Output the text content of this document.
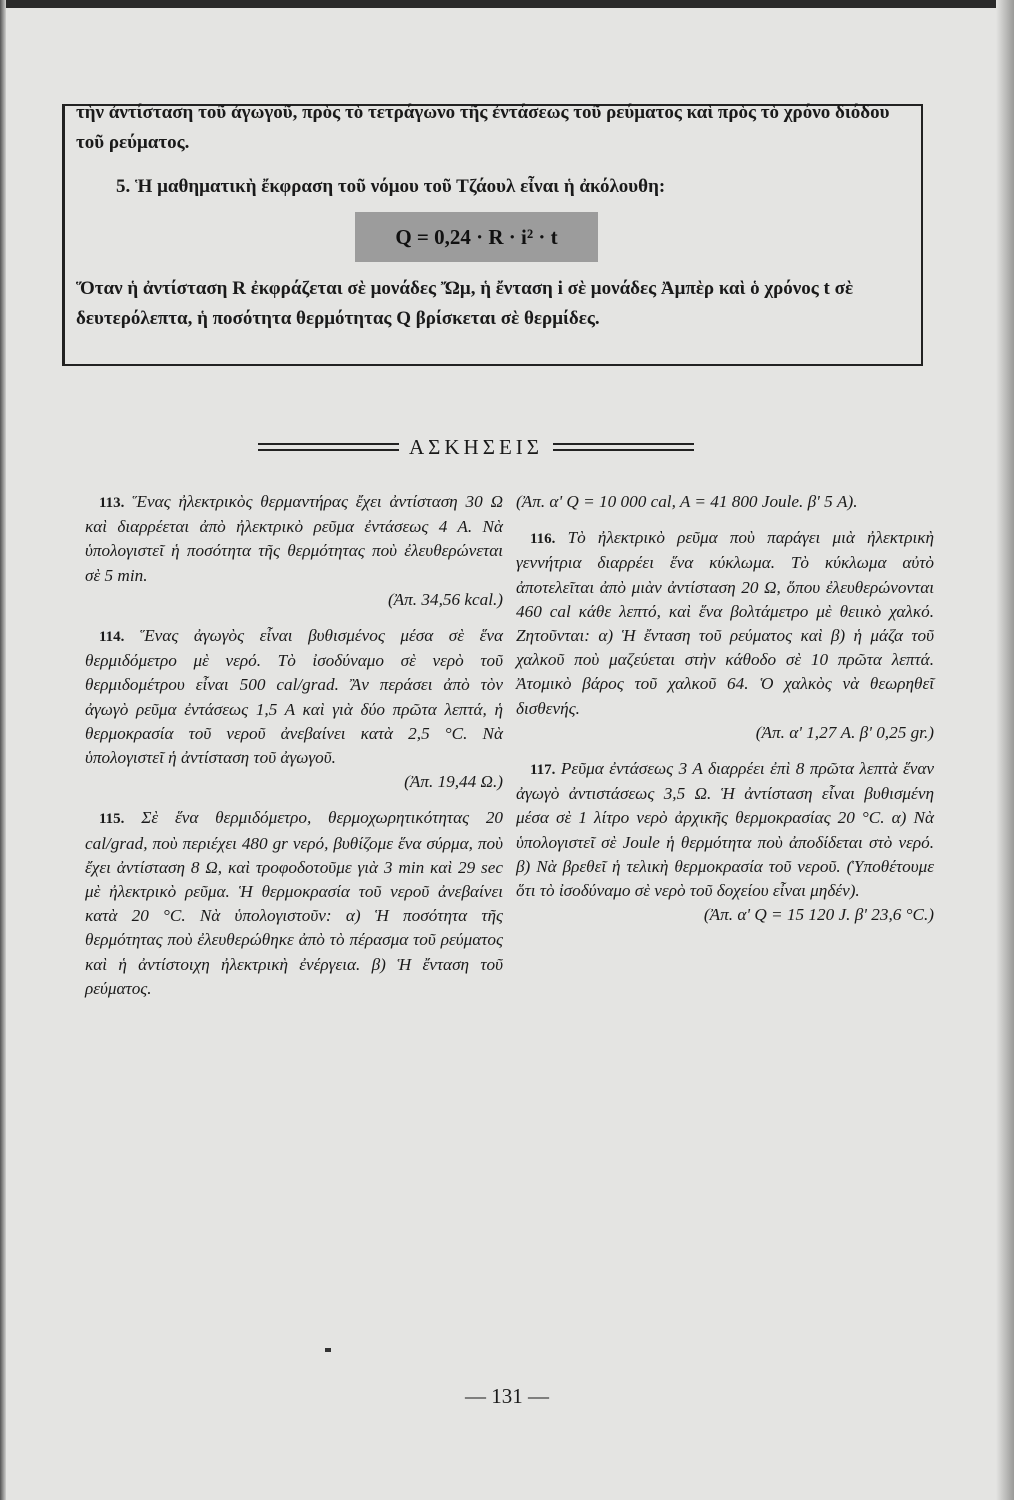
τὴν ἀντίσταση τοῦ ἀγωγοῦ, πρὸς τὸ τετράγωνο τῆς ἐντάσεως τοῦ ρεύματος καὶ πρὸς τὸ χρόνο διόδου τοῦ ρεύματος.

5. Ἡ μαθηματικὴ ἔκφραση τοῦ νόμου τοῦ Τζάουλ εἶναι ἡ ἀκόλουθη:

Q = 0,24 · R · i² · t

Ὅταν ἡ ἀντίσταση R ἐκφράζεται σὲ μονάδες Ὤμ, ἡ ἔνταση i σὲ μονάδες Ἀμπὲρ καὶ ὁ χρόνος t σὲ δευτερόλεπτα, ἡ ποσότητα θερμότητας Q βρίσκεται σὲ θερμίδες.

ΑΣΚΗΣΕΙΣ

113. Ἕνας ἠλεκτρικὸς θερμαντήρας ἔχει ἀντίσταση 30 Ω καὶ διαρρέεται ἀπὸ ἠλεκτρικὸ ρεῦμα ἐντάσεως 4 Α. Νὰ ὑπολογιστεῖ ἡ ποσότητα τῆς θερμότητας ποὺ ἐλευθερώνεται σὲ 5 min.
(Ἀπ. 34,56 kcal.)

114. Ἕνας ἀγωγὸς εἶναι βυθισμένος μέσα σὲ ἕνα θερμιδόμετρο μὲ νερό. Τὸ ἰσοδύναμο σὲ νερὸ τοῦ θερμιδομέτρου εἶναι 500 cal/grad. Ἂν περάσει ἀπὸ τὸν ἀγωγὸ ρεῦμα ἐντάσεως 1,5 Α καὶ γιὰ δύο πρῶτα λεπτά, ἡ θερμοκρασία τοῦ νεροῦ ἀνεβαίνει κατὰ 2,5 °C. Νὰ ὑπολογιστεῖ ἡ ἀντίσταση τοῦ ἀγωγοῦ.
(Ἀπ. 19,44 Ω.)

115. Σὲ ἕνα θερμιδόμετρο, θερμοχωρητικότητας 20 cal/grad, ποὺ περιέχει 480 gr νερό, βυθίζομε ἕνα σύρμα, ποὺ ἔχει ἀντίσταση 8 Ω, καὶ τροφοδοτοῦμε γιὰ 3 min καὶ 29 sec μὲ ἠλεκτρικὸ ρεῦμα. Ἡ θερμοκρασία τοῦ νεροῦ ἀνεβαίνει κατὰ 20 °C. Νὰ ὑπολογιστοῦν: α) Ἡ ποσότητα τῆς θερμότητας ποὺ ἐλευθερώθηκε ἀπὸ τὸ πέρασμα τοῦ ρεύματος καὶ ἡ ἀντίστοιχη ἠλεκτρικὴ ἐνέργεια. β) Ἡ ἔνταση τοῦ ρεύματος.

(Ἀπ. α' Q = 10 000 cal, A = 41 800 Joule. β' 5 A).

116. Τὸ ἠλεκτρικὸ ρεῦμα ποὺ παράγει μιὰ ἠλεκτρικὴ γεννήτρια διαρρέει ἕνα κύκλωμα. Τὸ κύκλωμα αὐτὸ ἀποτελεῖται ἀπὸ μιὰν ἀντίσταση 20 Ω, ὅπου ἐλευθερώνονται 460 cal κάθε λεπτό, καὶ ἕνα βολτάμετρο μὲ θειικὸ χαλκό. Ζητοῦνται: α) Ἡ ἔνταση τοῦ ρεύματος καὶ β) ἡ μάζα τοῦ χαλκοῦ ποὺ μαζεύεται στὴν κάθοδο σὲ 10 πρῶτα λεπτά. Ἀτομικὸ βάρος τοῦ χαλκοῦ 64. Ὁ χαλκὸς νὰ θεωρηθεῖ δισθενής.
(Ἀπ. α' 1,27 A. β' 0,25 gr.)

117. Ρεῦμα ἐντάσεως 3 Α διαρρέει ἐπὶ 8 πρῶτα λεπτὰ ἕναν ἀγωγὸ ἀντιστάσεως 3,5 Ω. Ἡ ἀντίσταση εἶναι βυθισμένη μέσα σὲ 1 λίτρο νερὸ ἀρχικῆς θερμοκρασίας 20 °C. α) Νὰ ὑπολογιστεῖ σὲ Joule ἡ θερμότητα ποὺ ἀποδίδεται στὸ νερό. β) Νὰ βρεθεῖ ἡ τελικὴ θερμοκρασία τοῦ νεροῦ. (Ὑποθέτουμε ὅτι τὸ ἰσοδύναμο σὲ νερὸ τοῦ δοχείου εἶναι μηδέν).
(Ἀπ. α' Q = 15 120 J. β' 23,6 °C.)

— 131 —
